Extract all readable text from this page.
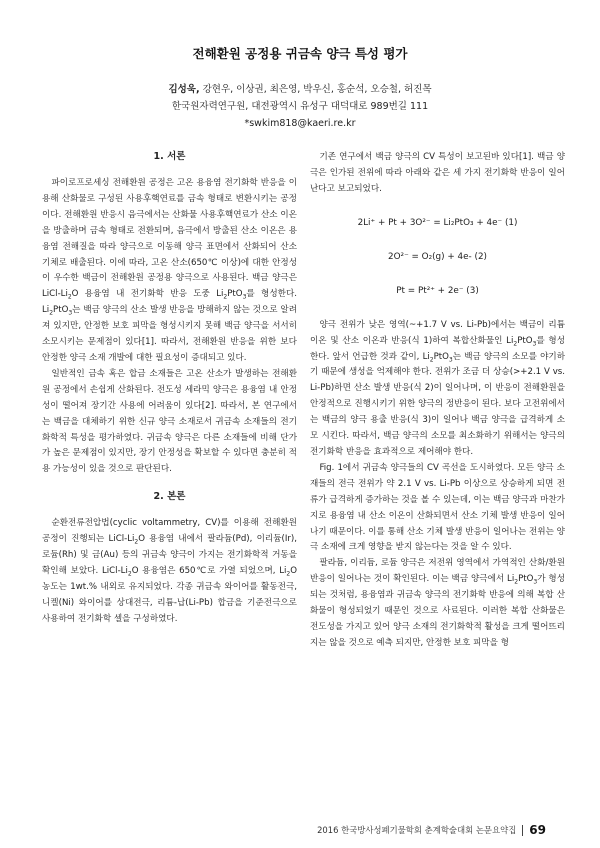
전해환원 공정용 귀금속 양극 특성 평가
김성욱, 강현우, 이상권, 최은영, 박우신, 홍순석, 오승철, 허진목
한국원자력연구원, 대전광역시 유성구 대덕대로 989번길 111
*swkim818@kaeri.re.kr
1. 서론

파이로프로세싱 전해환원 공정은 고온 용융염 전기화학 반응을 이용해 산화물로 구성된 사용후핵연료를 금속 형태로 변환시키는 공정이다. 전해환원 반응시 음극에서는 산화물 사용후핵연료가 산소 이온을 방출하며 금속 형태로 전환되며, 음극에서 방출된 산소 이온은 용융염 전해질을 따라 양극으로 이동해 양극 표면에서 산화되어 산소 기체로 배출된다. 이에 따라, 고온 산소(650℃ 이상)에 대한 안정성이 우수한 백금이 전해환원 공정용 양극으로 사용된다. 백금 양극은 LiCl-$Li_2O$ 용융염 내 전기화학 반응 도중 $Li_2PtO_3$를 형성한다. $Li_2PtO_3$는 백금 양극의 산소 발생 반응을 방해하지 않는 것으로 알려져 있지만, 안정한 보호 피막을 형성시키지 못해 백금 양극을 서서히 소모시키는 문제점이 있다[1]. 따라서, 전해환원 반응을 위한 보다 안정한 양극 소재 개발에 대한 필요성이 증대되고 있다.

일반적인 금속 혹은 합금 소재들은 고온 산소가 발생하는 전해환원 공정에서 손쉽게 산화된다. 전도성 세라믹 양극은 용융염 내 안정성이 떨어져 장기간 사용에 어려움이 있다[2]. 따라서, 본 연구에서는 백금을 대체하기 위한 신규 양극 소재로서 귀금속 소재들의 전기화학적 특성을 평가하였다. 귀금속 양극은 다른 소재들에 비해 단가가 높은 문제점이 있지만, 장기 안정성을 확보할 수 있다면 충분히 적용 가능성이 있을 것으로 판단된다.

2. 본론

순환전류전압법(cyclic voltammetry, CV)를 이용해 전해환원 공정이 진행되는 LiCl-$Li_2O$ 용융염 내에서 팔라듐(Pd), 이리듐(Ir), 로듐(Rh) 및 금(Au) 등의 귀금속 양극이 가지는 전기화학적 거동을 확인해 보았다. LiCl-$Li_2O$ 용융염은 650℃로 가열 되었으며, $Li_2O$ 농도는 1wt.% 내외로 유지되었다. 각종 귀금속 와이어를 활동전극, 니켈(Ni) 와이어를 상대전극, 리튬-납(Li-Pb) 합금을 기준전극으로 사용하여 전기화학 셀을 구성하였다.

기존 연구에서 백금 양극의 CV 특성이 보고된바 있다[1]. 백금 양극은 인가된 전위에 따라 아래와 같은 세 가지 전기화학 반응이 일어난다고 보고되었다.

2Li⁺ + Pt + 3O²⁻ = Li₂PtO₃ + 4e⁻ (1)
2O²⁻ = O₂(g) + 4e- (2)
Pt = Pt²⁺ + 2e⁻ (3)

양극 전위가 낮은 영역(~+1.7 V vs. Li-Pb)에서는 백금이 리튬 이온 및 산소 이온과 반응(식 1)하여 복합산화물인 $Li_2PtO_3$를 형성한다. 앞서 언급한 것과 같이, $Li_2PtO_3$는 백금 양극의 소모를 야기하기 때문에 생성을 억제해야 한다. 전위가 조금 더 상승(>+2.1 V vs. Li-Pb)하면 산소 발생 반응(식 2)이 일어나며, 이 반응이 전해환원을 안정적으로 진행시키기 위한 양극의 정반응이 된다. 보다 고전위에서는 백금의 양극 용출 반응(식 3)이 일어나 백금 양극을 급격하게 소모 시킨다. 따라서, 백금 양극의 소모를 최소화하기 위해서는 양극의 전기화학 반응을 효과적으로 제어해야 한다.

Fig. 1에서 귀금속 양극들의 CV 곡선을 도시하였다. 모든 양극 소재들의 전극 전위가 약 2.1 V vs. Li-Pb 이상으로 상승하게 되면 전류가 급격하게 증가하는 것을 볼 수 있는데, 이는 백금 양극과 마찬가지로 용융염 내 산소 이온이 산화되면서 산소 기체 발생 반응이 일어나기 때문이다. 이를 통해 산소 기체 발생 반응이 일어나는 전위는 양극 소재에 크게 영향을 받지 않는다는 것을 알 수 있다.

팔라듐, 이리듐, 로듐 양극은 저전위 영역에서 가역적인 산화/환원 반응이 일어나는 것이 확인된다. 이는 백금 양극에서 $Li_2PtO_3$가 형성되는 것처럼, 용융염과 귀금속 양극의 전기화학 반응에 의해 복합 산화물이 형성되었기 때문인 것으로 사료된다. 이러한 복합 산화물은 전도성을 가지고 있어 양극 소재의 전기화학적 활성을 크게 떨어뜨리지는 않을 것으로 예측 되지만, 안정한 보호 피막을 형

2016 한국방사성폐기물학회 춘계학술대회 논문요약집 69
